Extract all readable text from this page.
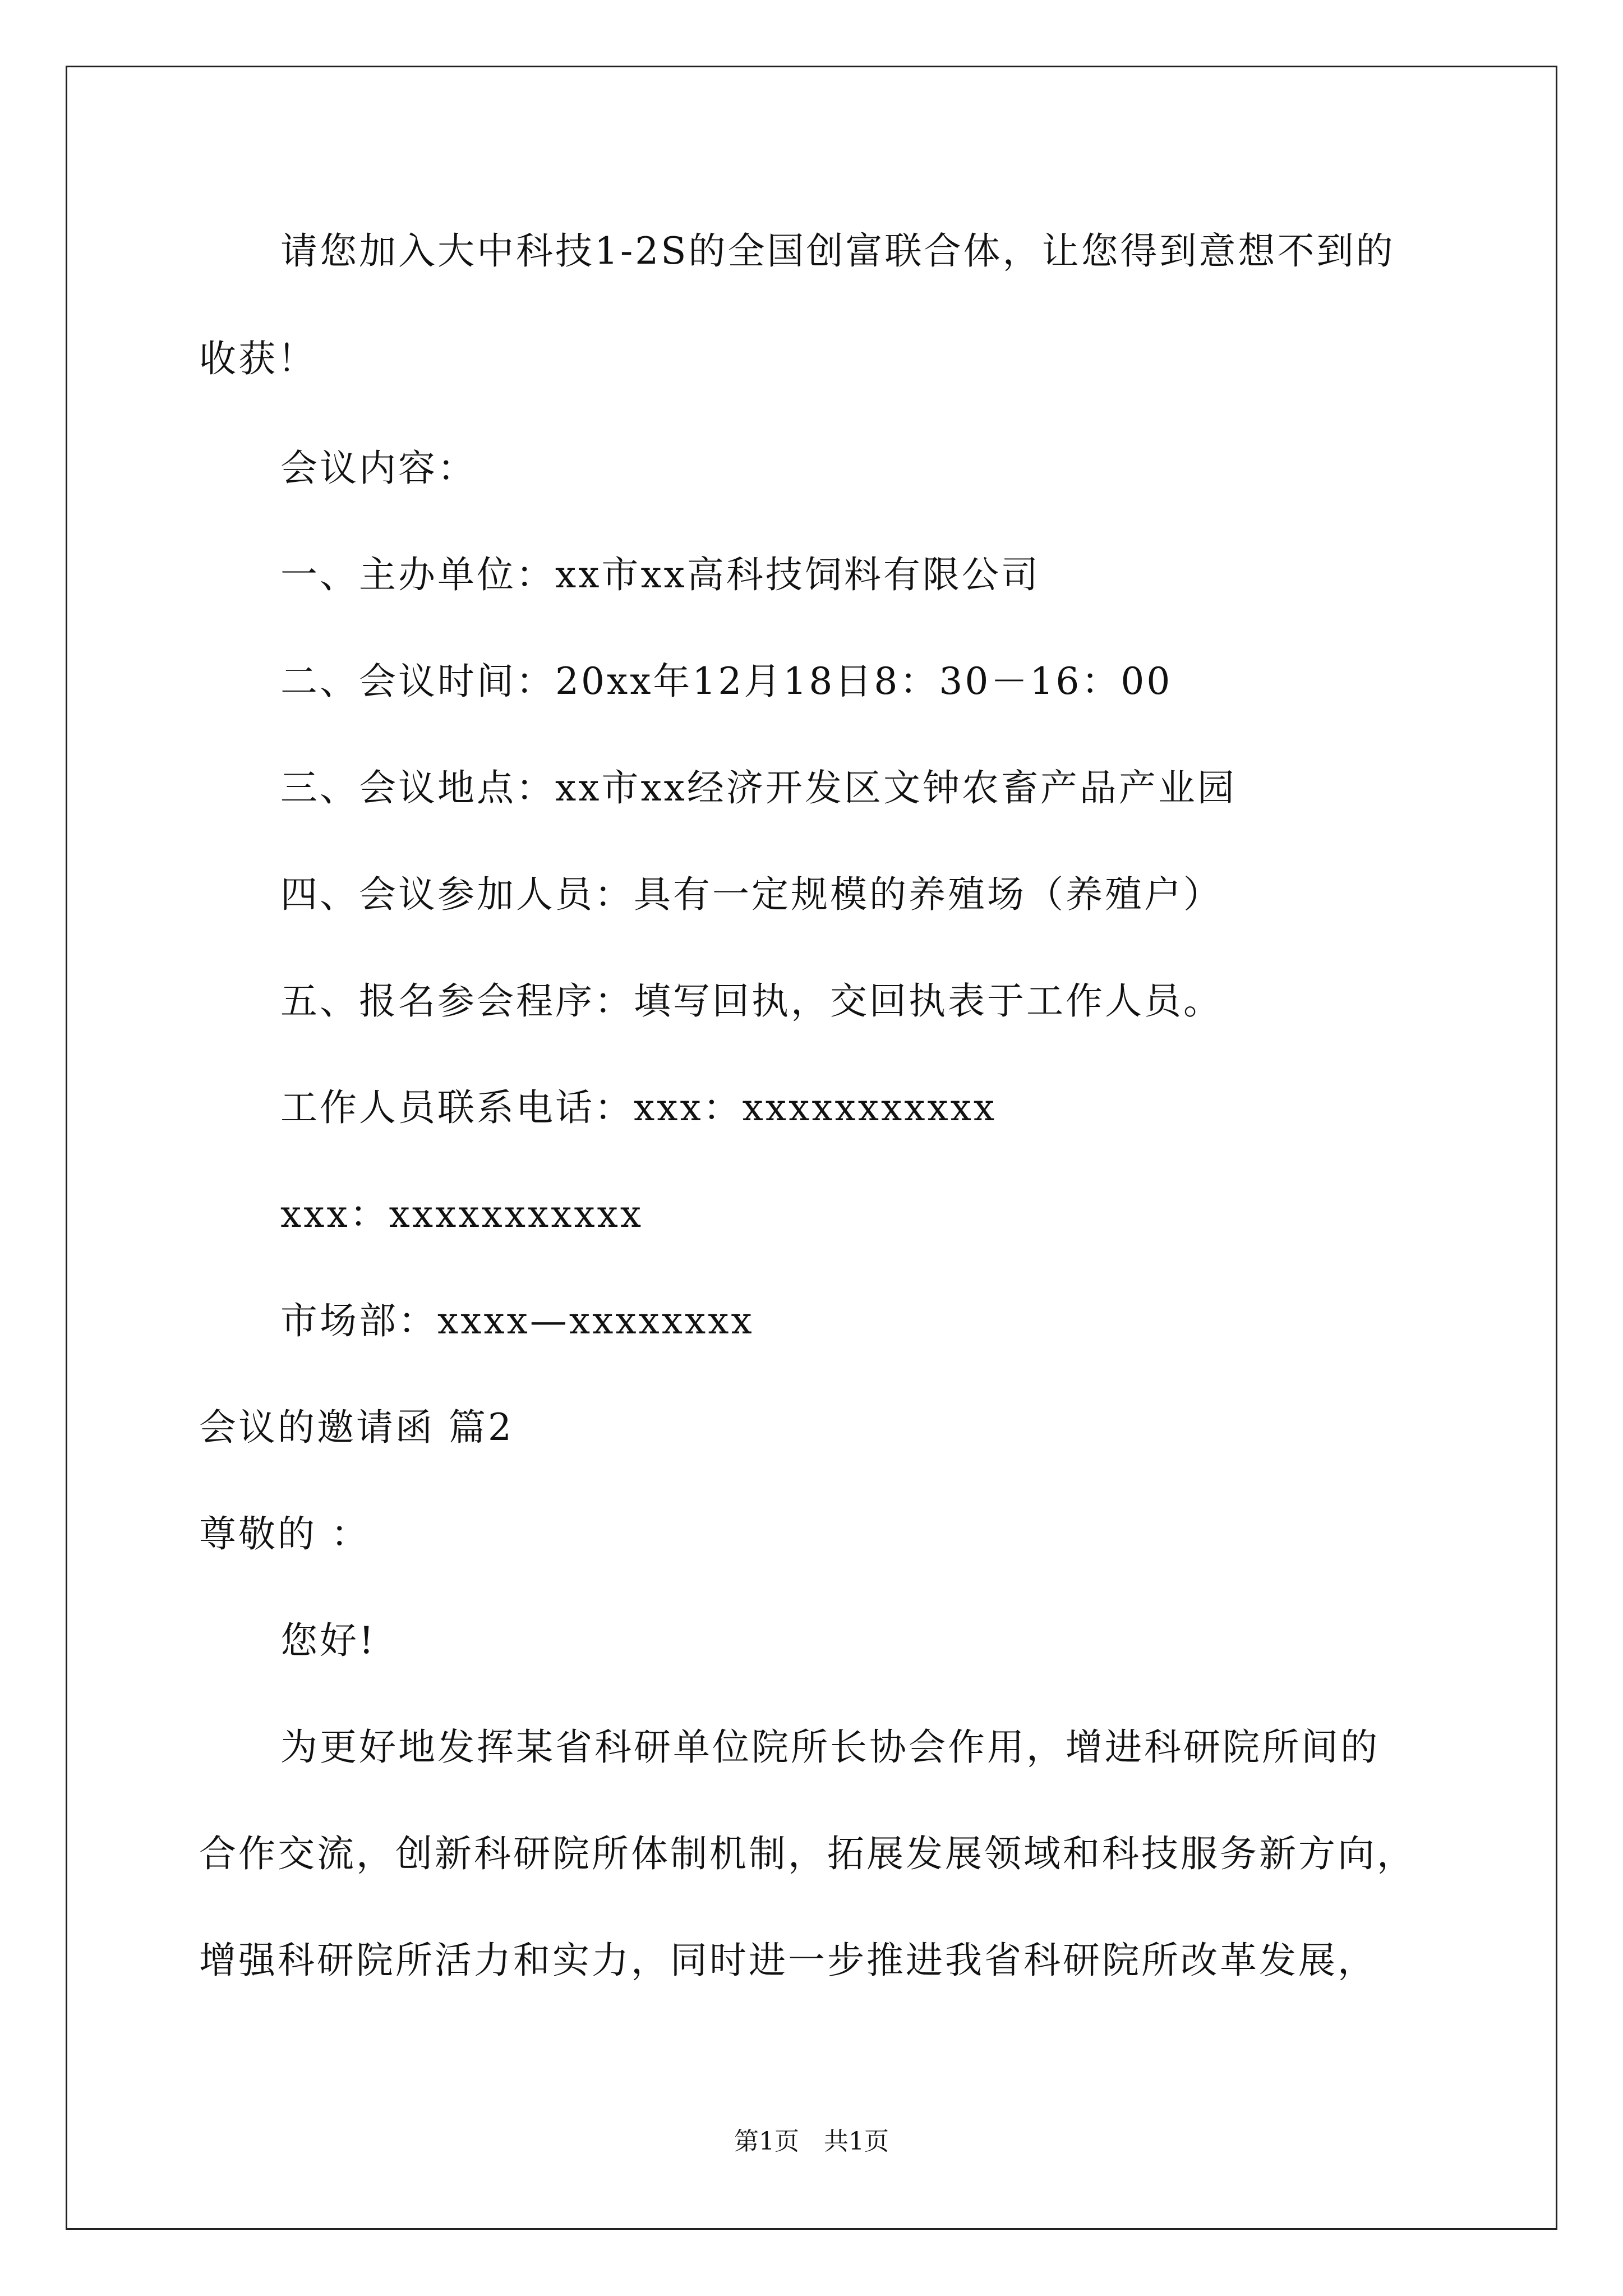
请您加入大中科技1-2S的全国创富联合体，让您得到意想不到的
收获！
会议内容：
一、主办单位：xx市xx高科技饲料有限公司
二、会议时间：20xx年12月18日8：30－16：00
三、会议地点：xx市xx经济开发区文钟农畜产品产业园
四、会议参加人员：具有一定规模的养殖场（养殖户）
五、报名参会程序：填写回执，交回执表于工作人员。
工作人员联系电话：xxx：xxxxxxxxxxx
xxx：xxxxxxxxxxx
市场部：xxxx—xxxxxxxx
会议的邀请函 篇2
尊敬的 ：
您好!
为更好地发挥某省科研单位院所长协会作用，增进科研院所间的
合作交流，创新科研院所体制机制，拓展发展领域和科技服务新方向，
增强科研院所活力和实力，同时进一步推进我省科研院所改革发展，
第1页　共1页
